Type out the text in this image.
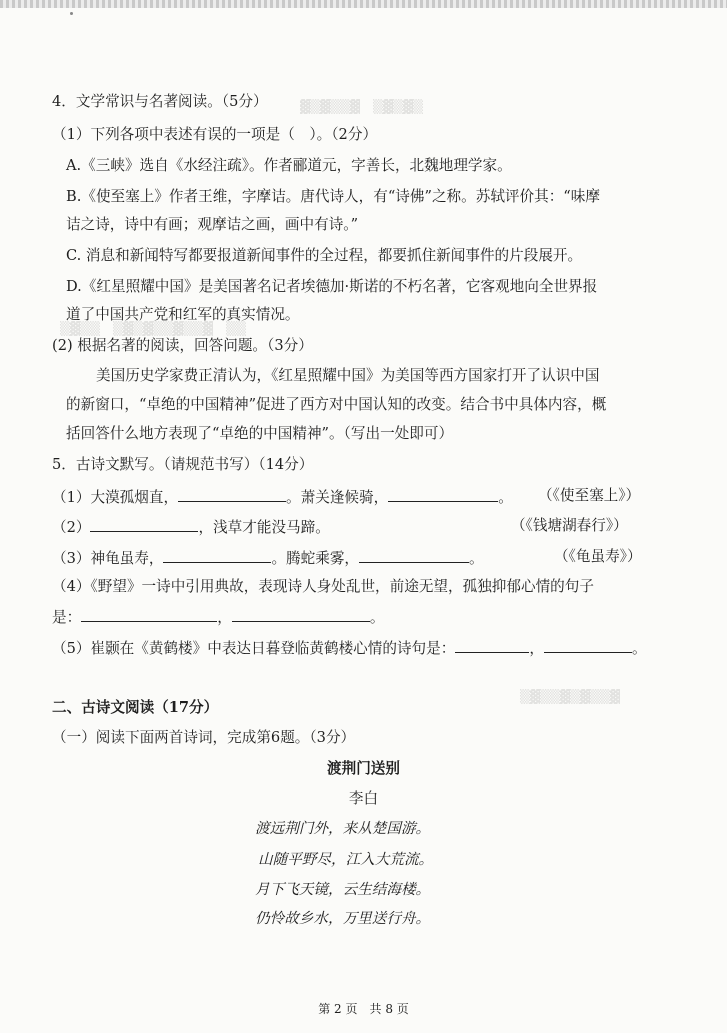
▓▒▓▒▒▓　▒▓▒▓▒
▒▓▒▒　▒▓▒▓▒▒▓▒▒▓　▒▒
▒▓▒▒▓▒▓▒▒▓
4．文学常识与名著阅读。（5分）
（1）下列各项中表述有误的一项是（　）。（2分）
A.《三峡》选自《水经注疏》。作者郦道元，字善长，北魏地理学家。
B.《使至塞上》作者王维，字摩诘。唐代诗人，有“诗佛”之称。苏轼评价其：“味摩
诘之诗，诗中有画；观摩诘之画，画中有诗。”
C. 消息和新闻特写都要报道新闻事件的全过程，都要抓住新闻事件的片段展开。
D.《红星照耀中国》是美国著名记者埃德加·斯诺的不朽名著，它客观地向全世界报
道了中国共产党和红军的真实情况。
(2) 根据名著的阅读，回答问题。（3分）
美国历史学家费正清认为，《红星照耀中国》为美国等西方国家打开了认识中国
的新窗口，“卓绝的中国精神”促进了西方对中国认知的改变。结合书中具体内容，概
括回答什么地方表现了“卓绝的中国精神”。（写出一处即可）
5．古诗文默写。（请规范书写）（14分）
（1）大漠孤烟直，	。萧关逢候骑，	。 （《使至塞上》）
（2）	，浅草才能没马蹄。	（《钱塘湖春行》）
（3）神龟虽寿，	。腾蛇乘雾，	。	（《龟虽寿》）
（4）《野望》一诗中引用典故，表现诗人身处乱世，前途无望，孤独抑郁心情的句子
是：	，	。
（5）崔颢在《黄鹤楼》中表达日暮登临黄鹤楼心情的诗句是：	，	。
二、古诗文阅读（17分）
（一）阅读下面两首诗词，完成第6题。（3分）
渡荆门送别
李白
渡远荆门外，来从楚国游。
山随平野尽，江入大荒流。
月下飞天镜，云生结海楼。
仍怜故乡水，万里送行舟。
第 2 页　共 8 页
